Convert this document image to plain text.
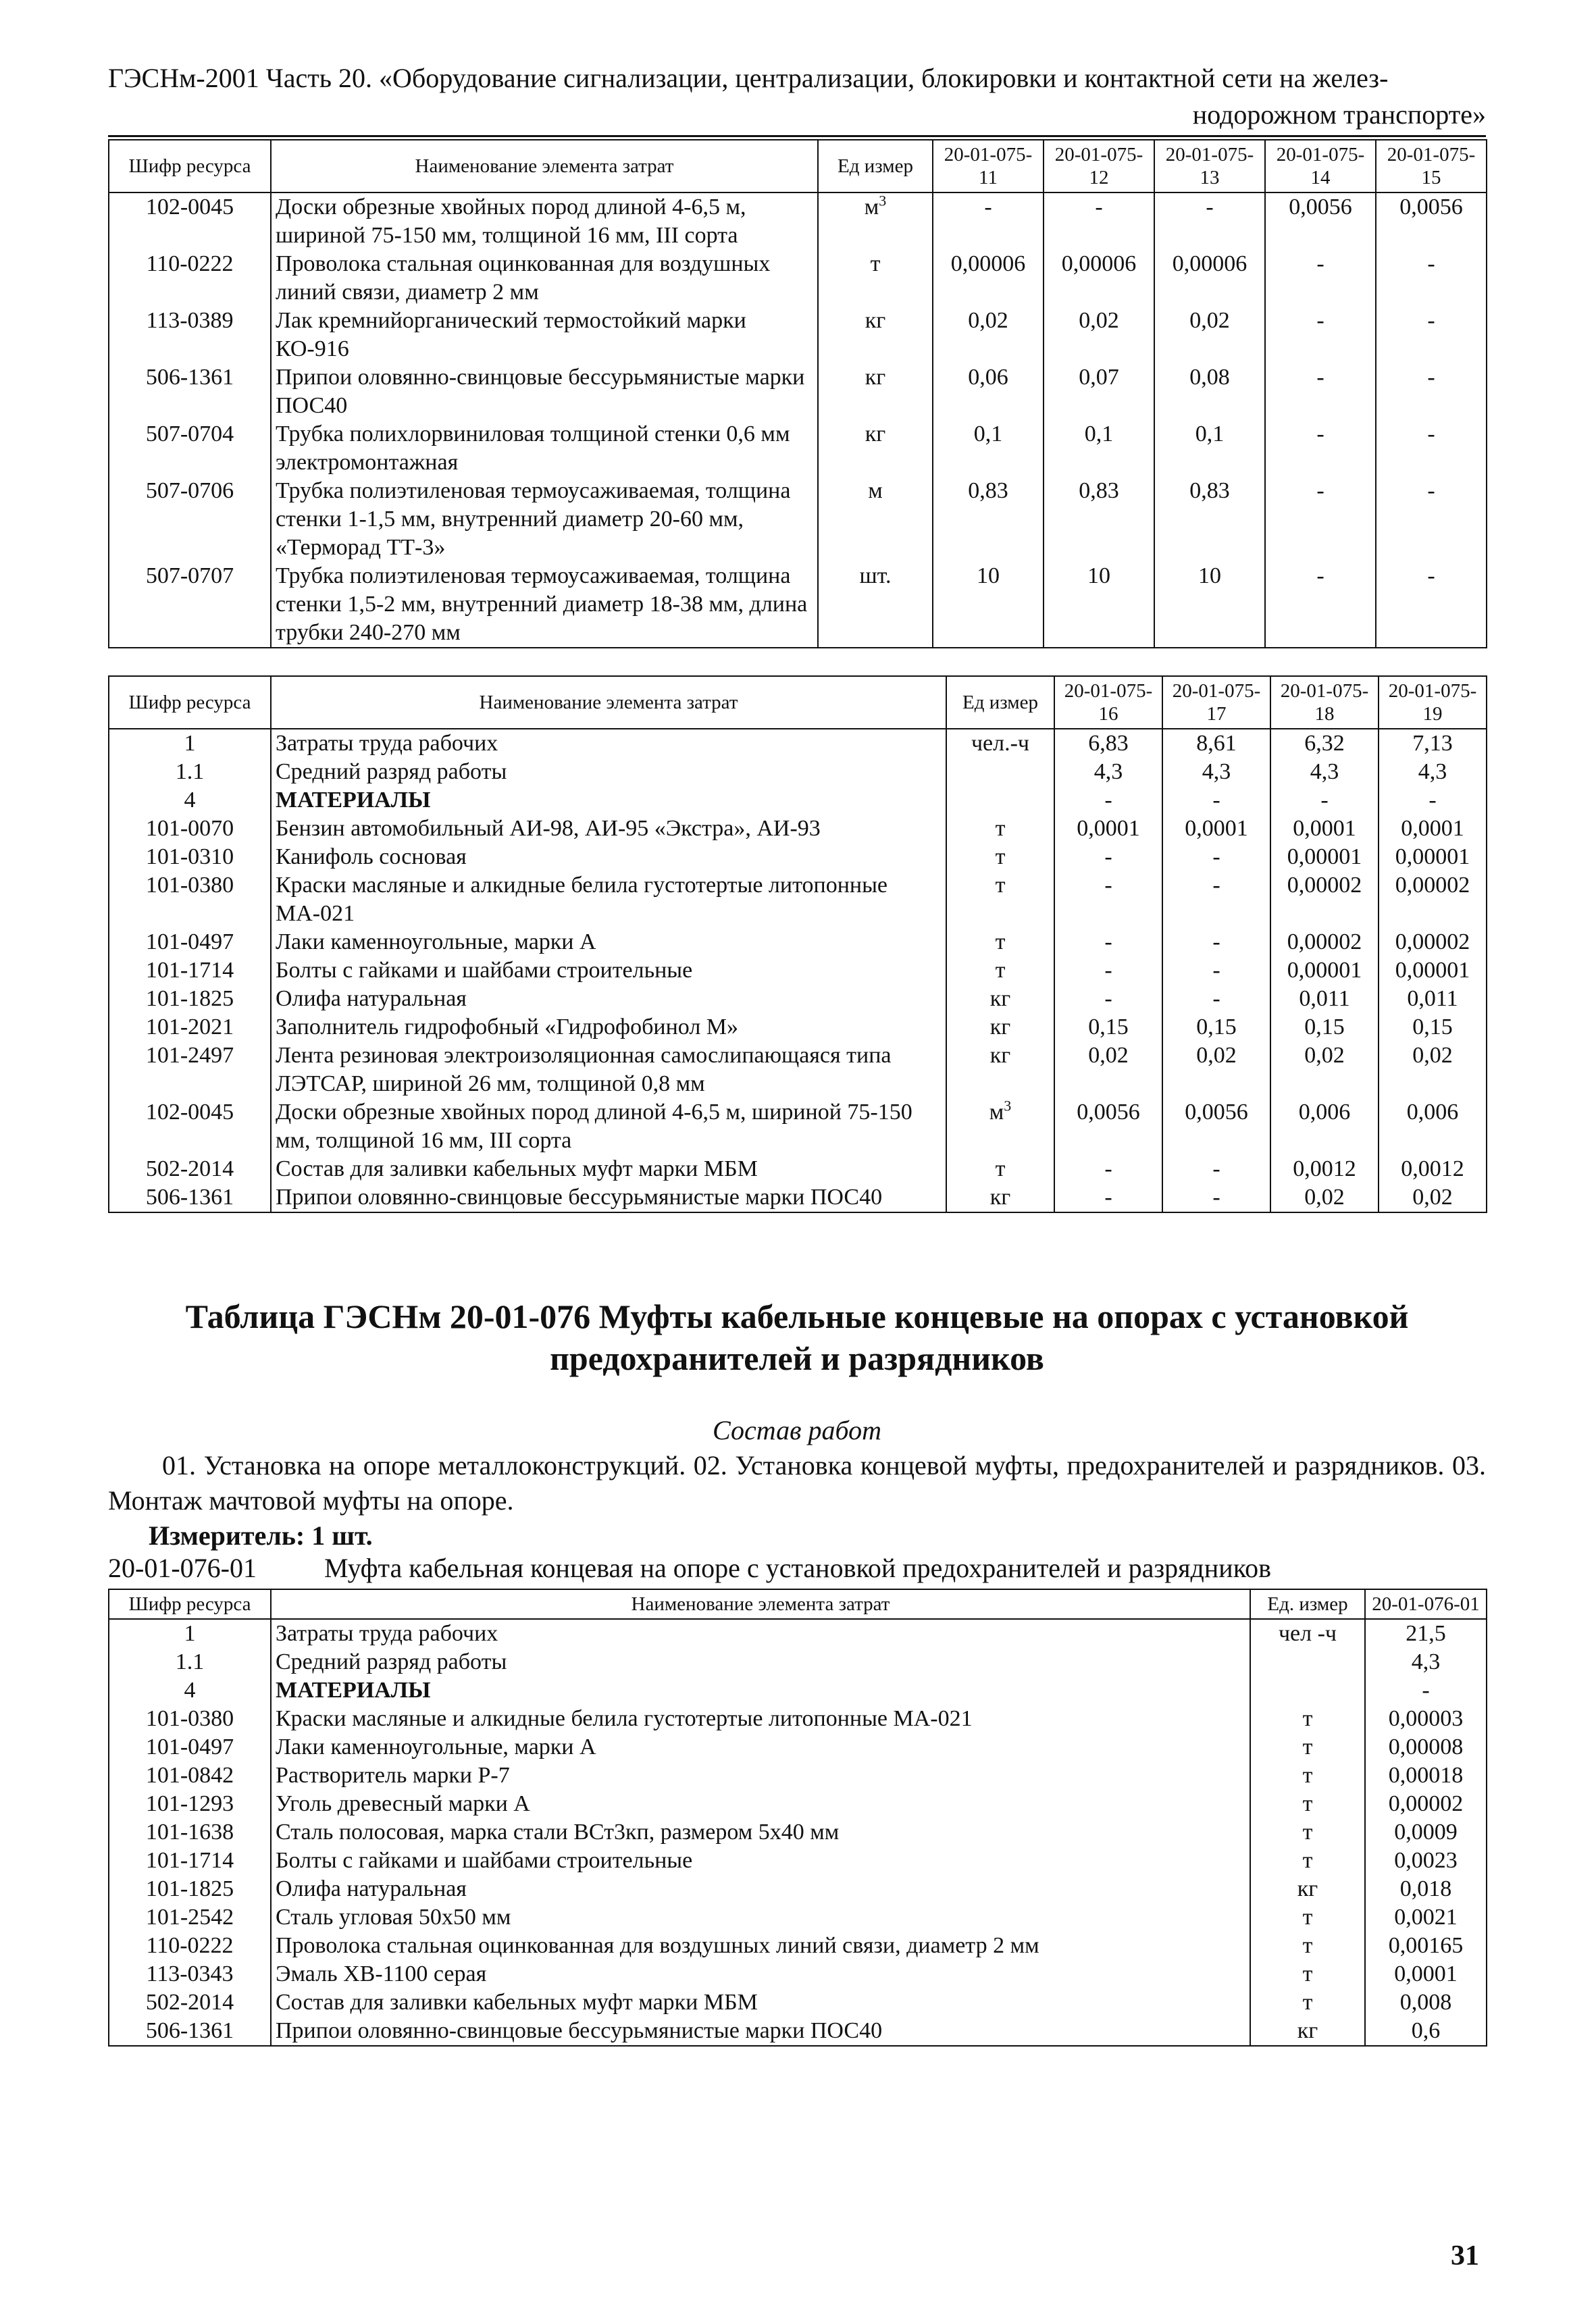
ГЭСНм-2001 Часть 20. «Оборудование сигнализации, централизации, блокировки и контактной сети на желез-
нодорожном транспорте»
Шифр ресурса	Наименование элемента затрат	Ед измер	20-01-075-11	20-01-075-12	20-01-075-13	20-01-075-14	20-01-075-15
102-0045	Доски обрезные хвойных пород длиной 4-6,5 м, шириной 75-150 мм, толщиной 16 мм, III сорта	$м^3$	-	-	-	0,0056	0,0056
110-0222	Проволока стальная оцинкованная для воздушных линий связи, диаметр 2 мм	т	0,00006	0,00006	0,00006	-	-
113-0389	Лак кремнийорганический термостойкий марки КО-916	кг	0,02	0,02	0,02	-	-
506-1361	Припои оловянно-свинцовые бессурьмянистые марки ПОС40	кг	0,06	0,07	0,08	-	-
507-0704	Трубка полихлорвиниловая толщиной стенки 0,6 мм электромонтажная	кг	0,1	0,1	0,1	-	-
507-0706	Трубка полиэтиленовая термоусаживаемая, толщина стенки 1-1,5 мм, внутренний диаметр 20-60 мм, «Терморад ТТ-3»	м	0,83	0,83	0,83	-	-
507-0707	Трубка полиэтиленовая термоусаживаемая, толщина стенки 1,5-2 мм, внутренний диаметр 18-38 мм, длина трубки 240-270 мм	шт.	10	10	10	-	-
Шифр ресурса	Наименование элемента затрат	Ед измер	20-01-075-16	20-01-075-17	20-01-075-18	20-01-075-19
1	Затраты труда рабочих	чел.-ч	6,83	8,61	6,32	7,13
1.1	Средний разряд работы		4,3	4,3	4,3	4,3
4	МАТЕРИАЛЫ		-	-	-	-
101-0070	Бензин автомобильный АИ-98, АИ-95 «Экстра», АИ-93	т	0,0001	0,0001	0,0001	0,0001
101-0310	Канифоль сосновая	т	-	-	0,00001	0,00001
101-0380	Краски масляные и алкидные белила густотертые литопонные МА-021	т	-	-	0,00002	0,00002
101-0497	Лаки каменноугольные, марки А	т	-	-	0,00002	0,00002
101-1714	Болты с гайками и шайбами строительные	т	-	-	0,00001	0,00001
101-1825	Олифа натуральная	кг	-	-	0,011	0,011
101-2021	Заполнитель гидрофобный «Гидрофобинол М»	кг	0,15	0,15	0,15	0,15
101-2497	Лента резиновая электроизоляционная самослипающаяся типа ЛЭТСАР, шириной 26 мм, толщиной 0,8 мм	кг	0,02	0,02	0,02	0,02
102-0045	Доски обрезные хвойных пород длиной 4-6,5 м, шириной 75-150 мм, толщиной 16 мм, III сорта	$м^3$	0,0056	0,0056	0,006	0,006
502-2014	Состав для заливки кабельных муфт марки МБМ	т	-	-	0,0012	0,0012
506-1361	Припои оловянно-свинцовые бессурьмянистые марки ПОС40	кг	-	-	0,02	0,02
Таблица ГЭСНм 20-01-076 Муфты кабельные концевые на опорах с установкой предохранителей и разрядников
Состав работ
01. Установка на опоре металлоконструкций. 02. Установка концевой муфты, предохранителей и разрядников. 03. Монтаж мачтовой муфты на опоре.
Измеритель: 1 шт.
20-01-076-01	Муфта кабельная концевая на опоре с установкой предохранителей и разрядников
Шифр ресурса	Наименование элемента затрат	Ед. измер	20-01-076-01
1	Затраты труда рабочих	чел -ч	21,5
1.1	Средний разряд работы		4,3
4	МАТЕРИАЛЫ		-
101-0380	Краски масляные и алкидные белила густотертые литопонные МА-021	т	0,00003
101-0497	Лаки каменноугольные, марки А	т	0,00008
101-0842	Растворитель марки Р-7	т	0,00018
101-1293	Уголь древесный марки А	т	0,00002
101-1638	Сталь полосовая, марка стали ВСт3кп, размером 5х40 мм	т	0,0009
101-1714	Болты с гайками и шайбами строительные	т	0,0023
101-1825	Олифа натуральная	кг	0,018
101-2542	Сталь угловая 50х50 мм	т	0,0021
110-0222	Проволока стальная оцинкованная для воздушных линий связи, диаметр 2 мм	т	0,00165
113-0343	Эмаль ХВ-1100 серая	т	0,0001
502-2014	Состав для заливки кабельных муфт марки МБМ	т	0,008
506-1361	Припои оловянно-свинцовые бессурьмянистые марки ПОС40	кг	0,6
31
